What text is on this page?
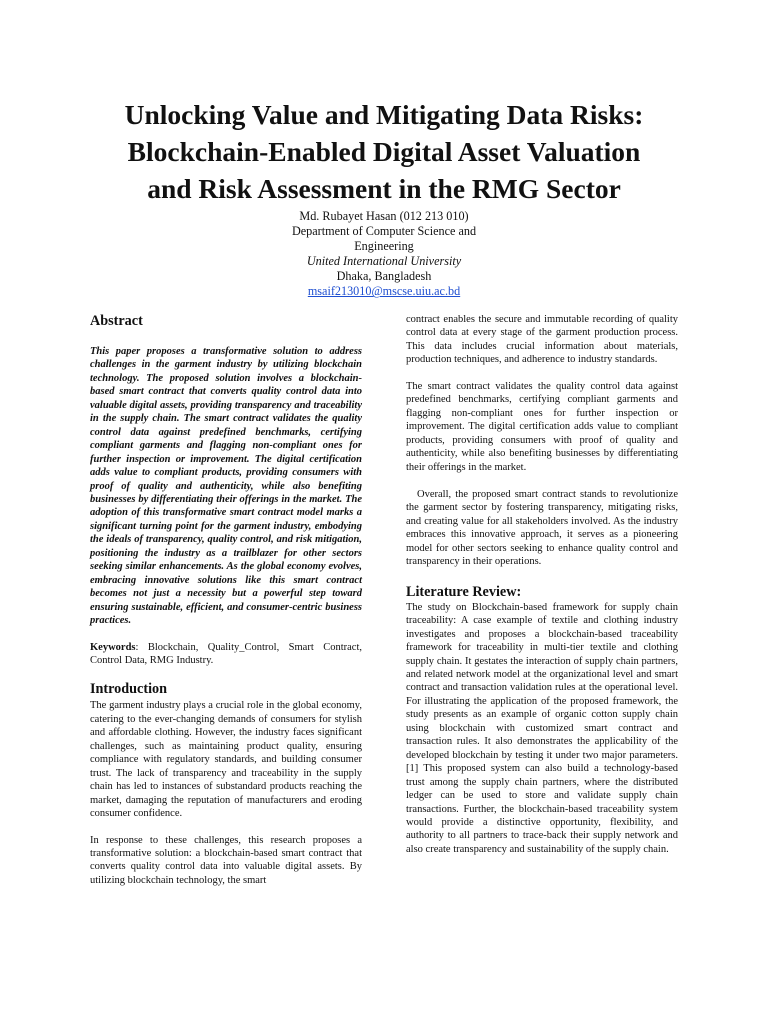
Unlocking Value and Mitigating Data Risks:
Blockchain-Enabled Digital Asset Valuation
and Risk Assessment in the RMG Sector
Md. Rubayet Hasan (012 213 010)
Department of Computer Science and Engineering
United International University
Dhaka, Bangladesh
msaif213010@mscse.uiu.ac.bd
Abstract

This paper proposes a transformative solution to address challenges in the garment industry by utilizing blockchain technology. The proposed solution involves a blockchain-based smart contract that converts quality control data into valuable digital assets, providing transparency and traceability in the supply chain. The smart contract validates the quality control data against predefined benchmarks, certifying compliant garments and flagging non-compliant ones for further inspection or improvement. The digital certification adds value to compliant products, providing consumers with proof of quality and authenticity, while also benefiting businesses by differentiating their offerings in the market. The adoption of this transformative smart contract model marks a significant turning point for the garment industry, embodying the ideals of transparency, quality control, and risk mitigation, positioning the industry as a trailblazer for other sectors seeking similar enhancements. As the global economy evolves, embracing innovative solutions like this smart contract becomes not just a necessity but a powerful step toward ensuring sustainable, efficient, and consumer-centric business practices.

Keywords: Blockchain, Quality_Control, Smart Contract, Control Data, RMG Industry.

Introduction

The garment industry plays a crucial role in the global economy, catering to the ever-changing demands of consumers for stylish and affordable clothing. However, the industry faces significant challenges, such as maintaining product quality, ensuring compliance with regulatory standards, and building consumer trust. The lack of transparency and traceability in the supply chain has led to instances of substandard products reaching the market, damaging the reputation of manufacturers and eroding consumer confidence.

In response to these challenges, this research proposes a transformative solution: a blockchain-based smart contract that converts quality control data into valuable digital assets. By utilizing blockchain technology, the smart

contract enables the secure and immutable recording of quality control data at every stage of the garment production process. This data includes crucial information about materials, production techniques, and adherence to industry standards.

The smart contract validates the quality control data against predefined benchmarks, certifying compliant garments and flagging non-compliant ones for further inspection or improvement. The digital certification adds value to compliant products, providing consumers with proof of quality and authenticity, while also benefiting businesses by differentiating their offerings in the market.

Overall, the proposed smart contract stands to revolutionize the garment sector by fostering transparency, mitigating risks, and creating value for all stakeholders involved. As the industry embraces this innovative approach, it serves as a pioneering model for other sectors seeking to enhance quality control and transparency in their operations.

Literature Review:

The study on Blockchain-based framework for supply chain traceability: A case example of textile and clothing industry investigates and proposes a blockchain-based traceability framework for traceability in multi-tier textile and clothing supply chain. It gestates the interaction of supply chain partners, and related network model at the organizational level and smart contract and transaction validation rules at the operational level. For illustrating the application of the proposed framework, the study presents as an example of organic cotton supply chain using blockchain with customized smart contract and transaction rules. It also demonstrates the applicability of the developed blockchain by testing it under two major parameters.[1] This proposed system can also build a technology-based trust among the supply chain partners, where the distributed ledger can be used to store and validate supply chain transactions. Further, the blockchain-based traceability system would provide a distinctive opportunity, flexibility, and authority to all partners to trace-back their supply network and also create transparency and sustainability of the supply chain.
